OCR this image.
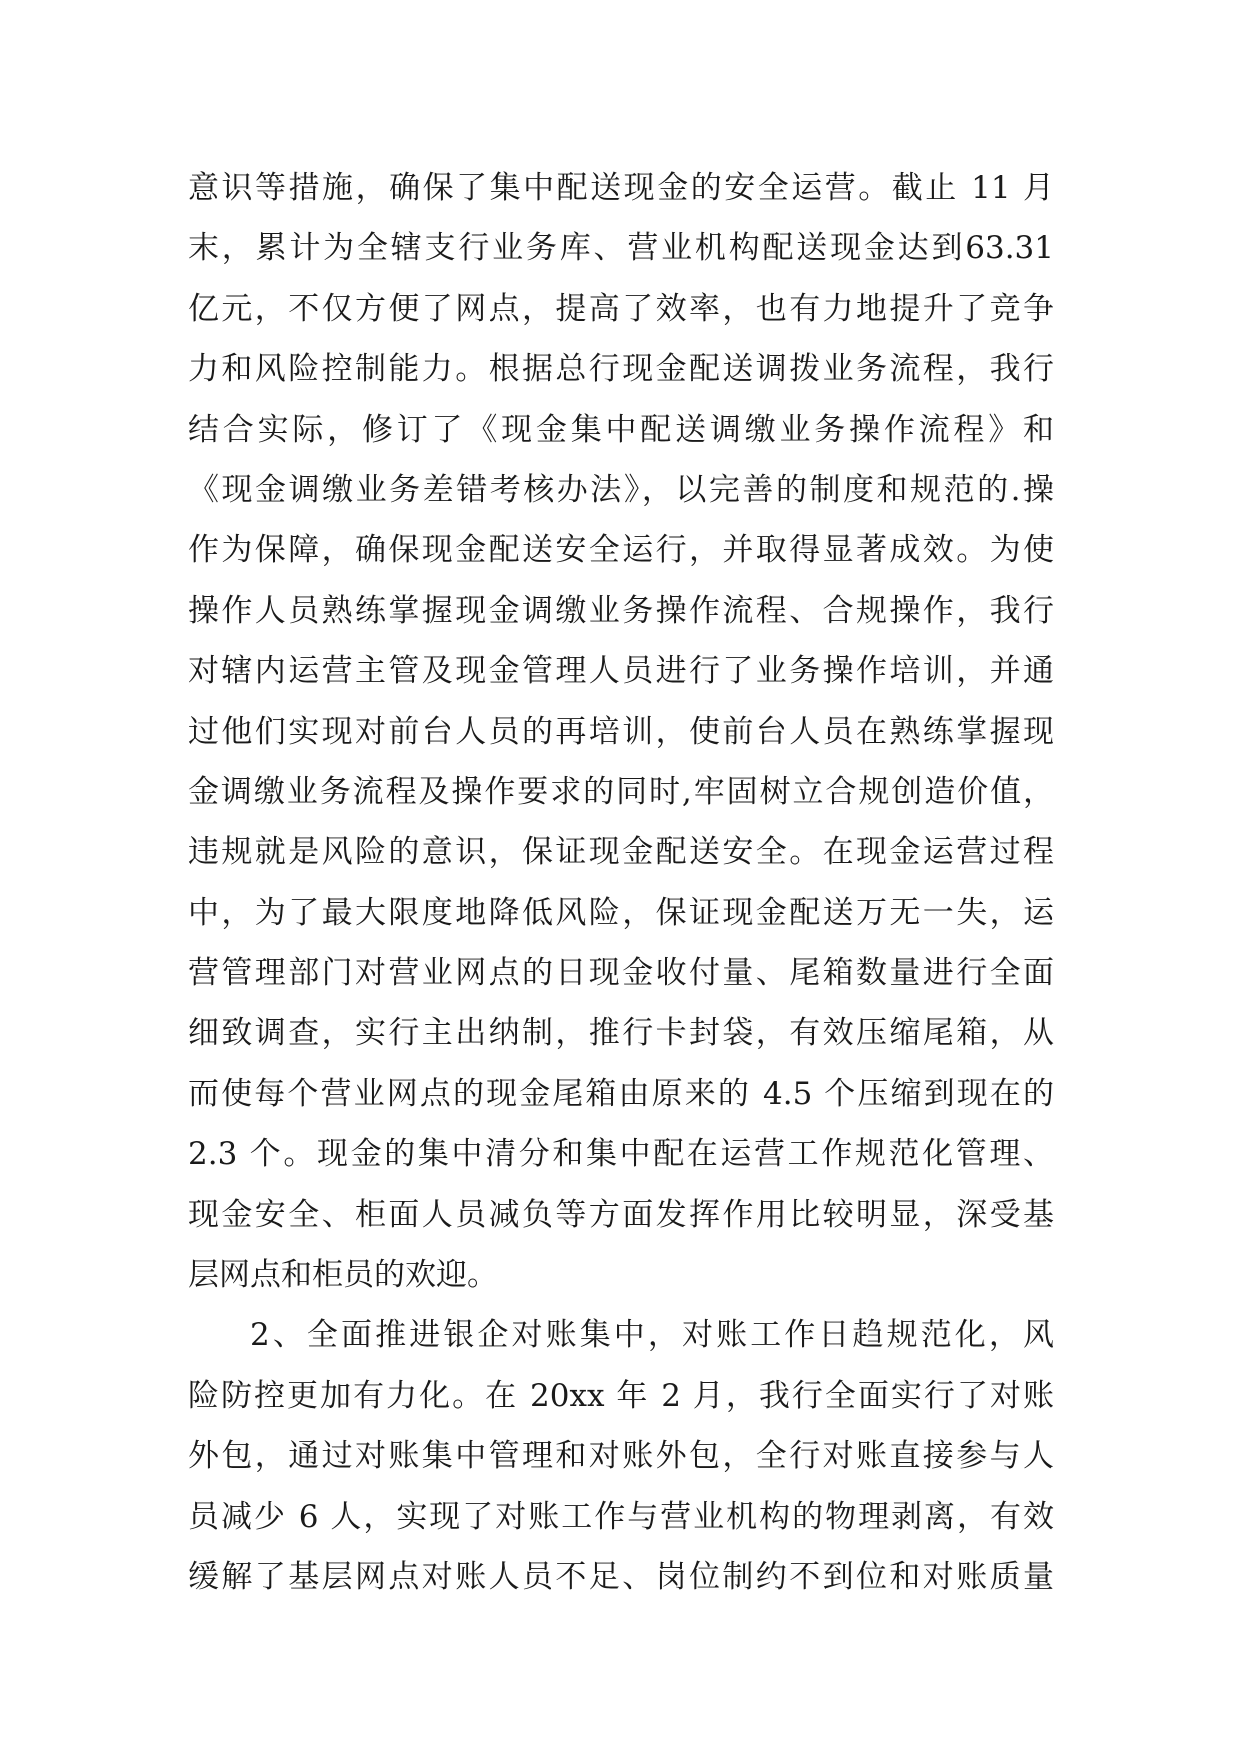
意识等措施，确保了集中配送现金的安全运营。截止 11 月
末，累计为全辖支行业务库、营业机构配送现金达到63.31
亿元，不仅方便了网点，提高了效率，也有力地提升了竞争
力和风险控制能力。根据总行现金配送调拨业务流程，我行
结合实际，修订了《现金集中配送调缴业务操作流程》和
《现金调缴业务差错考核办法》，以完善的制度和规范的.操
作为保障，确保现金配送安全运行，并取得显著成效。为使
操作人员熟练掌握现金调缴业务操作流程、合规操作，我行
对辖内运营主管及现金管理人员进行了业务操作培训，并通
过他们实现对前台人员的再培训，使前台人员在熟练掌握现
金调缴业务流程及操作要求的同时,牢固树立合规创造价值，
违规就是风险的意识，保证现金配送安全。在现金运营过程
中，为了最大限度地降低风险，保证现金配送万无一失，运
营管理部门对营业网点的日现金收付量、尾箱数量进行全面
细致调查，实行主出纳制，推行卡封袋，有效压缩尾箱，从
而使每个营业网点的现金尾箱由原来的 4.5 个压缩到现在的
2.3 个。现金的集中清分和集中配在运营工作规范化管理、
现金安全、柜面人员减负等方面发挥作用比较明显，深受基
层网点和柜员的欢迎。
2、全面推进银企对账集中，对账工作日趋规范化，风
险防控更加有力化。在 20xx 年 2 月，我行全面实行了对账
外包，通过对账集中管理和对账外包，全行对账直接参与人
员减少 6 人，实现了对账工作与营业机构的物理剥离，有效
缓解了基层网点对账人员不足、岗位制约不到位和对账质量
